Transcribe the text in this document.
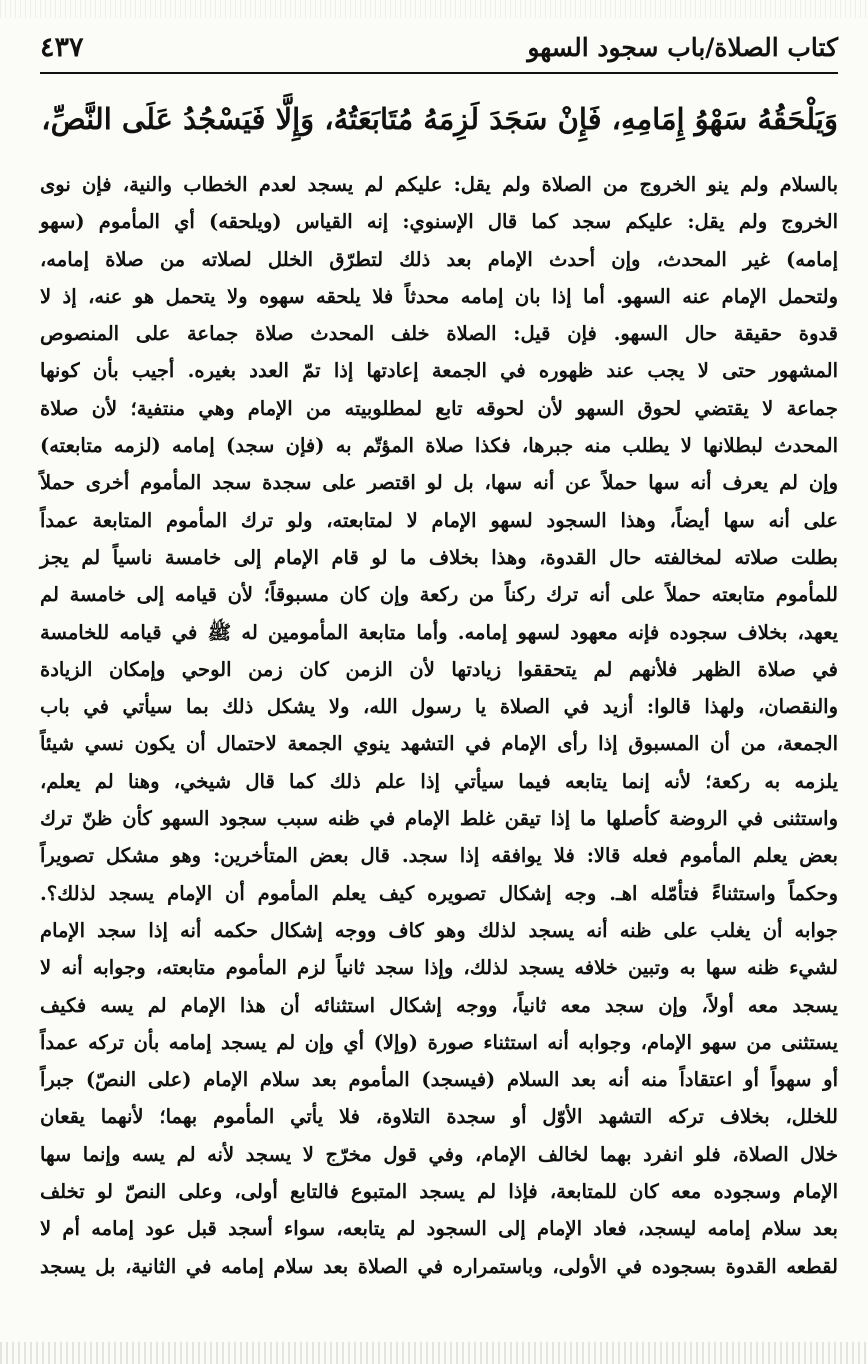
كتاب الصلاة/باب سجود السهو
٤٣٧
وَيَلْحَقُهُ سَهْوُ إِمَامِهِ، فَإِنْ سَجَدَ لَزِمَهُ مُتَابَعَتُهُ، وَإِلَّا فَيَسْجُدُ عَلَى النَّصِّ،
بالسلام ولم ينو الخروج من الصلاة ولم يقل: عليكم لم يسجد لعدم الخطاب والنية، فإن نوى
الخروج ولم يقل: عليكم سجد كما قال الإسنوي: إنه القياس (ويلحقه) أي المأموم (سهو
إمامه) غير المحدث، وإن أحدث الإمام بعد ذلك لتطرّق الخلل لصلاته من صلاة إمامه،
ولتحمل الإمام عنه السهو. أما إذا بان إمامه محدثاً فلا يلحقه سهوه ولا يتحمل هو عنه، إذ لا
قدوة حقيقة حال السهو. فإن قيل: الصلاة خلف المحدث صلاة جماعة على المنصوص
المشهور حتى لا يجب عند ظهوره في الجمعة إعادتها إذا تمّ العدد بغيره. أجيب بأن كونها
جماعة لا يقتضي لحوق السهو لأن لحوقه تابع لمطلوبيته من الإمام وهي منتفية؛ لأن صلاة
المحدث لبطلانها لا يطلب منه جبرها، فكذا صلاة المؤتّم به (فإن سجد) إمامه (لزمه متابعته)
وإن لم يعرف أنه سها حملاً عن أنه سها، بل لو اقتصر على سجدة سجد المأموم أخرى حملاً
على أنه سها أيضاً، وهذا السجود لسهو الإمام لا لمتابعته، ولو ترك المأموم المتابعة عمداً
بطلت صلاته لمخالفته حال القدوة، وهذا بخلاف ما لو قام الإمام إلى خامسة ناسياً لم يجز
للمأموم متابعته حملاً على أنه ترك ركناً من ركعة وإن كان مسبوقاً؛ لأن قيامه إلى خامسة لم
يعهد، بخلاف سجوده فإنه معهود لسهو إمامه. وأما متابعة المأمومين له ﷺ في قيامه للخامسة
في صلاة الظهر فلأنهم لم يتحققوا زيادتها لأن الزمن كان زمن الوحي وإمكان الزيادة
والنقصان، ولهذا قالوا: أزيد في الصلاة يا رسول الله، ولا يشكل ذلك بما سيأتي في باب
الجمعة، من أن المسبوق إذا رأى الإمام في التشهد ينوي الجمعة لاحتمال أن يكون نسي شيئاً
يلزمه به ركعة؛ لأنه إنما يتابعه فيما سيأتي إذا علم ذلك كما قال شيخي، وهنا لم يعلم،
واستثنى في الروضة كأصلها ما إذا تيقن غلط الإمام في ظنه سبب سجود السهو كأن ظنّ ترك
بعض يعلم المأموم فعله قالا: فلا يوافقه إذا سجد. قال بعض المتأخرين: وهو مشكل تصويراً
وحكماً واستثناءً فتأمّله اهـ. وجه إشكال تصويره كيف يعلم المأموم أن الإمام يسجد لذلك؟.
جوابه أن يغلب على ظنه أنه يسجد لذلك وهو كاف ووجه إشكال حكمه أنه إذا سجد الإمام
لشيء ظنه سها به وتبين خلافه يسجد لذلك، وإذا سجد ثانياً لزم المأموم متابعته، وجوابه أنه لا
يسجد معه أولاً، وإن سجد معه ثانياً، ووجه إشكال استثنائه أن هذا الإمام لم يسه فكيف
يستثنى من سهو الإمام، وجوابه أنه استثناء صورة (وإلا) أي وإن لم يسجد إمامه بأن تركه عمداً
أو سهواً أو اعتقاداً منه أنه بعد السلام (فيسجد) المأموم بعد سلام الإمام (على النصّ) جبراً
للخلل، بخلاف تركه التشهد الأوّل أو سجدة التلاوة، فلا يأتي المأموم بهما؛ لأنهما يقعان
خلال الصلاة، فلو انفرد بهما لخالف الإمام، وفي قول مخرّج لا يسجد لأنه لم يسه وإنما سها
الإمام وسجوده معه كان للمتابعة، فإذا لم يسجد المتبوع فالتابع أولى، وعلى النصّ لو تخلف
بعد سلام إمامه ليسجد، فعاد الإمام إلى السجود لم يتابعه، سواء أسجد قبل عود إمامه أم لا
لقطعه القدوة بسجوده في الأولى، وباستمراره في الصلاة بعد سلام إمامه في الثانية، بل يسجد
